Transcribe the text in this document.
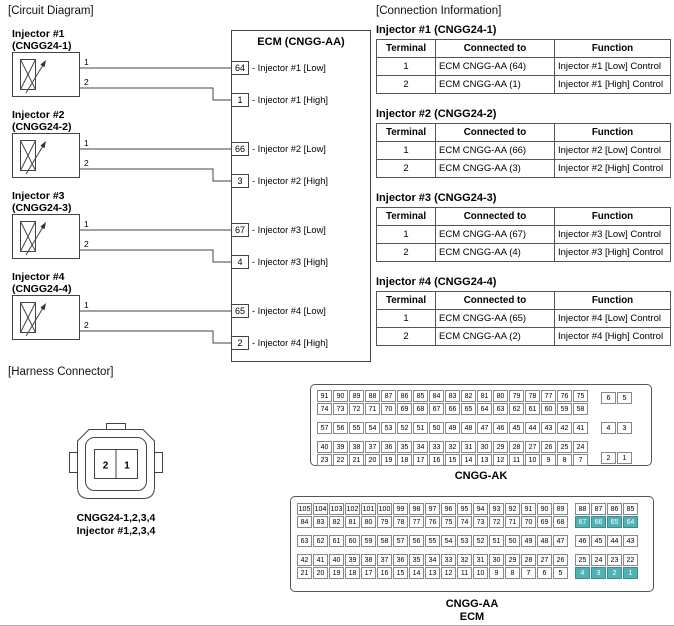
[Circuit Diagram]	[Connection Information]
[Harness Connector]
ECM (CNGG-AA)
64 - Injector #1 [Low]
1 - Injector #1 [High]
66 - Injector #2 [Low]
3 - Injector #2 [High]
67 - Injector #3 [Low]
4 - Injector #3 [High]
65 - Injector #4 [Low]
2 - Injector #4 [High]
Injector #1
(CNGG24-1)
1
2
Injector #2
(CNGG24-2)
1
2
Injector #3
(CNGG24-3)
1
2
Injector #4
(CNGG24-4)
1
2
2 1
CNGG24-1,2,3,4
Injector #1,2,3,4
Injector #1 (CNGG24-1)
Terminal	Connected to	Function
1	ECM CNGG-AA (64)	Injector #1 [Low] Control
2	ECM CNGG-AA (1)	Injector #1 [High] Control
Injector #2 (CNGG24-2)
Terminal	Connected to	Function
1	ECM CNGG-AA (66)	Injector #2 [Low] Control
2	ECM CNGG-AA (3)	Injector #2 [High] Control
Injector #3 (CNGG24-3)
Terminal	Connected to	Function
1	ECM CNGG-AA (67)	Injector #3 [Low] Control
2	ECM CNGG-AA (4)	Injector #3 [High] Control
Injector #4 (CNGG24-4)
Terminal	Connected to	Function
1	ECM CNGG-AA (65)	Injector #4 [Low] Control
2	ECM CNGG-AA (2)	Injector #4 [High] Control
91	90	89	88	87	86	85	84	83	82	81	80	79	78	77	76	75
74	73	72	71	70	69	68	67	66	65	64	63	62	61	60	59	58
57	56	55	54	53	52	51	50	49	48	47	46	45	44	43	42	41
40	39	38	37	36	35	34	33	32	31	30	29	28	27	26	25	24
23	22	21	20	19	18	17	16	15	14	13	12	11	10	9	8	7
6	5
4	3
2	1
CNGG-AK
105 104 103 102 101 100 99	98	97	96	95	94	93	92	91	90	89	88	87	86	85
84	83	82	81	80	79	78	77	76	75	74	73	72	71	70	69	68	67	66	65	64
63	62	61	60	59	58	57	56	55	54	53	52	51	50	49	48	47	46	45	44	43
42	41	40	39	38	37	36	35	34	33	32	31	30	29	28	27	26	25	24	23	22
21	20	19	18	17	16	15	14	13	12	11	10	9	8	7	6	5	4	3	2	1
CNGG-AA
ECM
